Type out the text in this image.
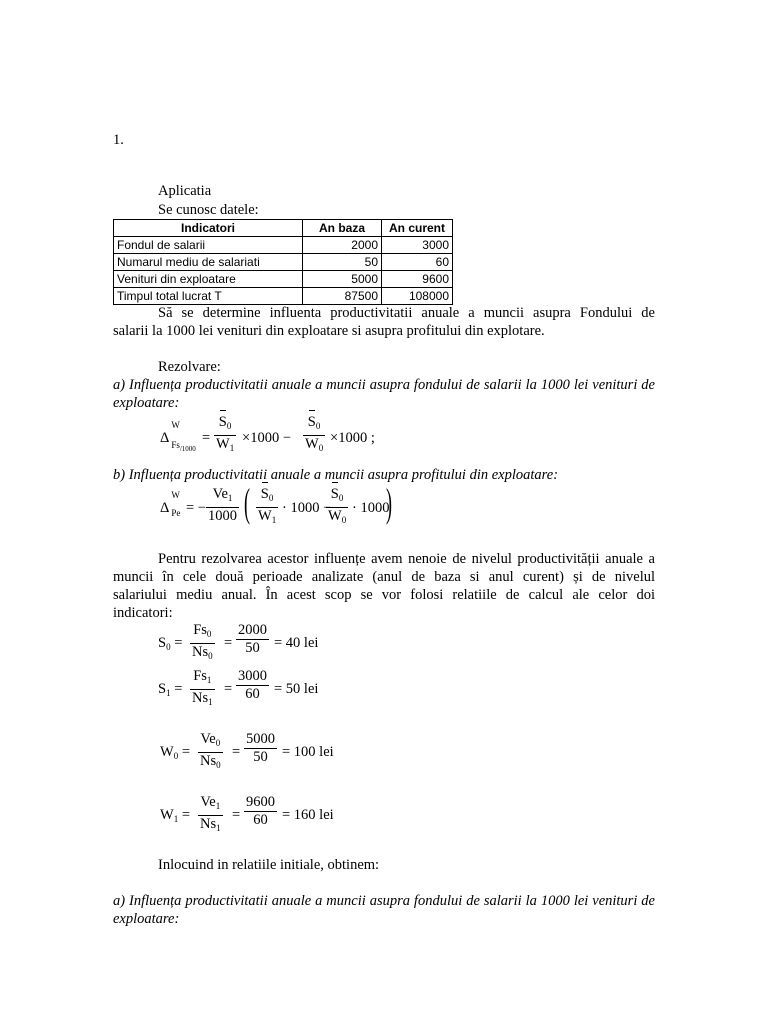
1.
Aplicatia
Se cunosc datele:
Indicatori	An baza	An curent
Fondul de salarii	2000	3000
Numarul mediu de salariati	50	60
Venituri din exploatare	5000	9600
Timpul total lucrat T	87500	108000
Să se determine influenta productivitatii anuale a muncii asupra Fondului de
salarii la 1000 lei venituri din exploatare si asupra profitului din explotare.
Rezolvare:
a) Influența productivitatii anuale a muncii asupra fondului de salarii la 1000 lei venituri de exploatare:
Δ
W
$Fs_{/1000}$
=
$S_0$
$W_1$
×1000 −
$S_0$
$W_0$
×1000 ;
b) Influența productivitatii anuale a muncii asupra profitului din exploatare:
Δ
W
Pe = −
$Ve_1$
1000 ( $S_0$
$W_1$
· 1000 −
$S_0$
$W_0$
· 1000
)
Pentru rezolvarea acestor influențe avem nenoie de nivelul productivității anuale a
muncii în cele două perioade analizate (anul de baza si anul curent) și de nivelul
salariului mediu anual. În acest scop se vor folosi relatiile de calcul ale celor doi
indicatori:
$S_0$ =
$Fs_0$
$Ns_0$
=
2000
50 = 40 lei
$S_1$ =
$Fs_1$
$Ns_1$
=
3000
60 = 50 lei
$W_0$ =
$Ve_0$
$Ns_0$
=
5000
50 = 100 lei
$W_1$ =
$Ve_1$
$Ns_1$
=
9600
60 = 160 lei
Inlocuind in relatiile initiale, obtinem:
a) Influența productivitatii anuale a muncii asupra fondului de salarii la 1000 lei venituri de exploatare:
